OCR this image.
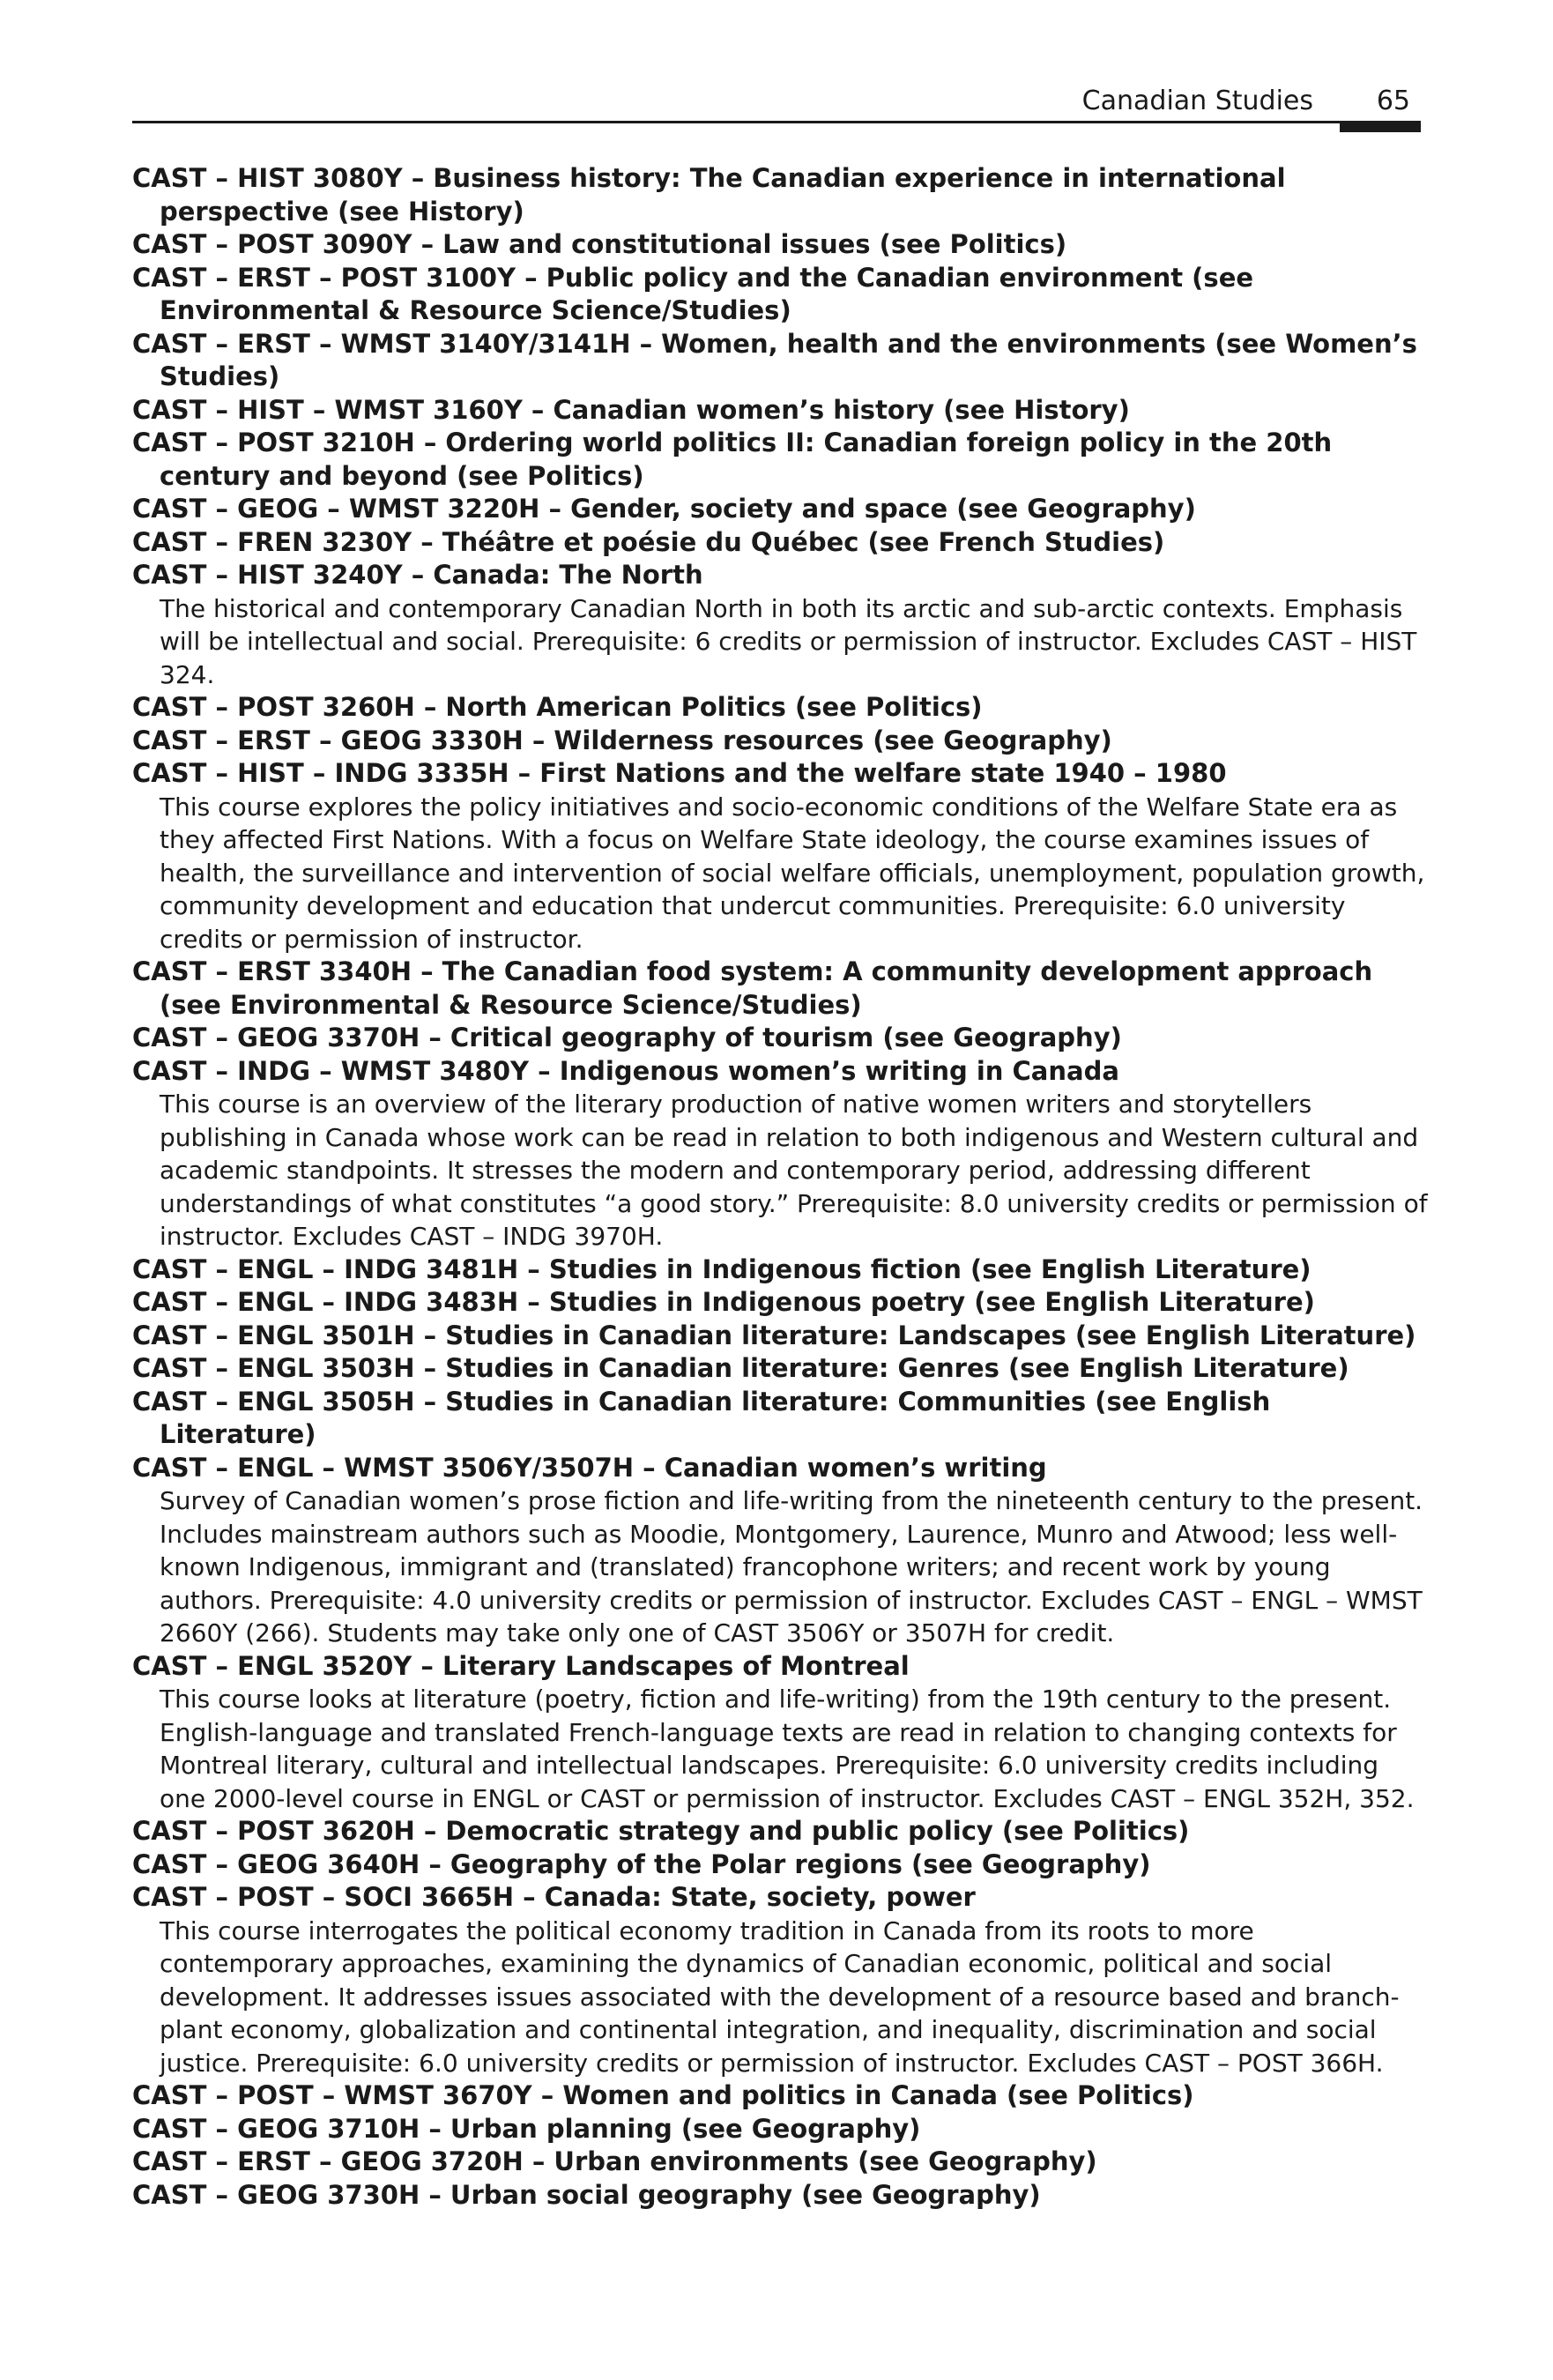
Canadian Studies 65

CAST – HIST 3080Y – Business history: The Canadian experience in international perspective (see History)

CAST – POST 3090Y – Law and constitutional issues (see Politics)

CAST – ERST – POST 3100Y – Public policy and the Canadian environment (see Environmental & Resource Science/Studies)

CAST – ERST – WMST 3140Y/3141H – Women, health and the environments (see Women’s Studies)

CAST – HIST – WMST 3160Y – Canadian women’s history (see History)

CAST – POST 3210H – Ordering world politics II: Canadian foreign policy in the 20th century and beyond (see Politics)

CAST – GEOG – WMST 3220H – Gender, society and space (see Geography)

CAST – FREN 3230Y – Théâtre et poésie du Québec (see French Studies)

CAST – HIST 3240Y – Canada: The North

The historical and contemporary Canadian North in both its arctic and sub-arctic contexts. Emphasis will be intellectual and social. Prerequisite: 6 credits or permission of instructor. Excludes CAST – HIST 324.

CAST – POST 3260H – North American Politics (see Politics)

CAST – ERST – GEOG 3330H – Wilderness resources (see Geography)

CAST – HIST – INDG 3335H – First Nations and the welfare state 1940 – 1980

This course explores the policy initiatives and socio-economic conditions of the Welfare State era as they affected First Nations. With a focus on Welfare State ideology, the course examines issues of health, the surveillance and intervention of social welfare officials, unemployment, population growth, community development and education that undercut communities. Prerequisite: 6.0 university credits or permission of instructor.

CAST – ERST 3340H – The Canadian food system: A community development approach (see Environmental & Resource Science/Studies)

CAST – GEOG 3370H – Critical geography of tourism (see Geography)

CAST – INDG – WMST 3480Y – Indigenous women’s writing in Canada

This course is an overview of the literary production of native women writers and storytellers publishing in Canada whose work can be read in relation to both indigenous and Western cultural and academic standpoints. It stresses the modern and contemporary period, addressing different understandings of what constitutes “a good story.” Prerequisite: 8.0 university credits or permission of instructor. Excludes CAST – INDG 3970H.

CAST – ENGL – INDG 3481H – Studies in Indigenous fiction (see English Literature)

CAST – ENGL – INDG 3483H – Studies in Indigenous poetry (see English Literature)

CAST – ENGL 3501H – Studies in Canadian literature: Landscapes (see English Literature)

CAST – ENGL 3503H – Studies in Canadian literature: Genres (see English Literature)

CAST – ENGL 3505H – Studies in Canadian literature: Communities (see English Literature)

CAST – ENGL – WMST 3506Y/3507H – Canadian women’s writing

Survey of Canadian women’s prose fiction and life-writing from the nineteenth century to the present. Includes mainstream authors such as Moodie, Montgomery, Laurence, Munro and Atwood; less well-known Indigenous, immigrant and (translated) francophone writers; and recent work by young authors. Prerequisite: 4.0 university credits or permission of instructor. Excludes CAST – ENGL – WMST 2660Y (266). Students may take only one of CAST 3506Y or 3507H for credit.

CAST – ENGL 3520Y – Literary Landscapes of Montreal

This course looks at literature (poetry, fiction and life-writing) from the 19th century to the present. English-language and translated French-language texts are read in relation to changing contexts for Montreal literary, cultural and intellectual landscapes. Prerequisite: 6.0 university credits including one 2000-level course in ENGL or CAST or permission of instructor. Excludes CAST – ENGL 352H, 352.

CAST – POST 3620H – Democratic strategy and public policy (see Politics)

CAST – GEOG 3640H – Geography of the Polar regions (see Geography)

CAST – POST – SOCI 3665H – Canada: State, society, power

This course interrogates the political economy tradition in Canada from its roots to more contemporary approaches, examining the dynamics of Canadian economic, political and social development. It addresses issues associated with the development of a resource based and branch-plant economy, globalization and continental integration, and inequality, discrimination and social justice. Prerequisite: 6.0 university credits or permission of instructor. Excludes CAST – POST 366H.

CAST – POST – WMST 3670Y – Women and politics in Canada (see Politics)

CAST – GEOG 3710H – Urban planning (see Geography)

CAST – ERST – GEOG 3720H – Urban environments (see Geography)

CAST – GEOG 3730H – Urban social geography (see Geography)
